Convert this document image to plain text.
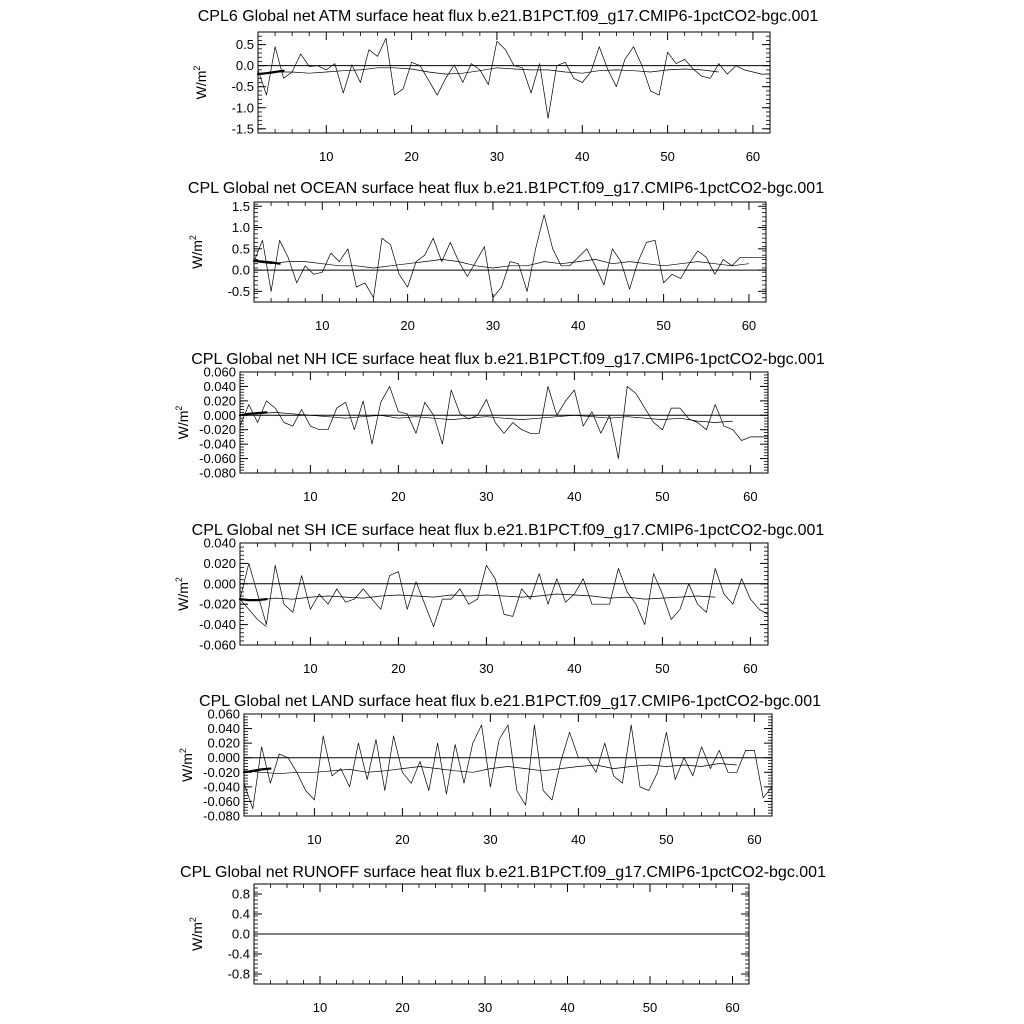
CPL6 Global net ATM surface heat flux b.e21.B1PCT.f09_g17.CMIP6-1pctCO2-bgc.001
$W/m^2$
10	20	30	40	50	60
0.5
0.0
-0.5
-1.0
-1.5
CPL Global net OCEAN surface heat flux b.e21.B1PCT.f09_g17.CMIP6-1pctCO2-bgc.001
$W/m^2$
10	20	30	40	50	60
1.5
1.0
0.5
0.0
-0.5
CPL Global net NH ICE surface heat flux b.e21.B1PCT.f09_g17.CMIP6-1pctCO2-bgc.001
$W/m^2$
10	20	30	40	50	60
0.060
0.040
0.020
0.000
-0.020
-0.040
-0.060
-0.080
CPL Global net SH ICE surface heat flux b.e21.B1PCT.f09_g17.CMIP6-1pctCO2-bgc.001
$W/m^2$
10	20	30	40	50	60
0.040
0.020
0.000
-0.020
-0.040
-0.060
CPL Global net LAND surface heat flux b.e21.B1PCT.f09_g17.CMIP6-1pctCO2-bgc.001
$W/m^2$
10	20	30	40	50	60
0.060
0.040
0.020
0.000
-0.020
-0.040
-0.060
-0.080
CPL Global net RUNOFF surface heat flux b.e21.B1PCT.f09_g17.CMIP6-1pctCO2-bgc.001
$W/m^2$
10	20	30	40	50	60
0.8
0.4
0.0
-0.4
-0.8
